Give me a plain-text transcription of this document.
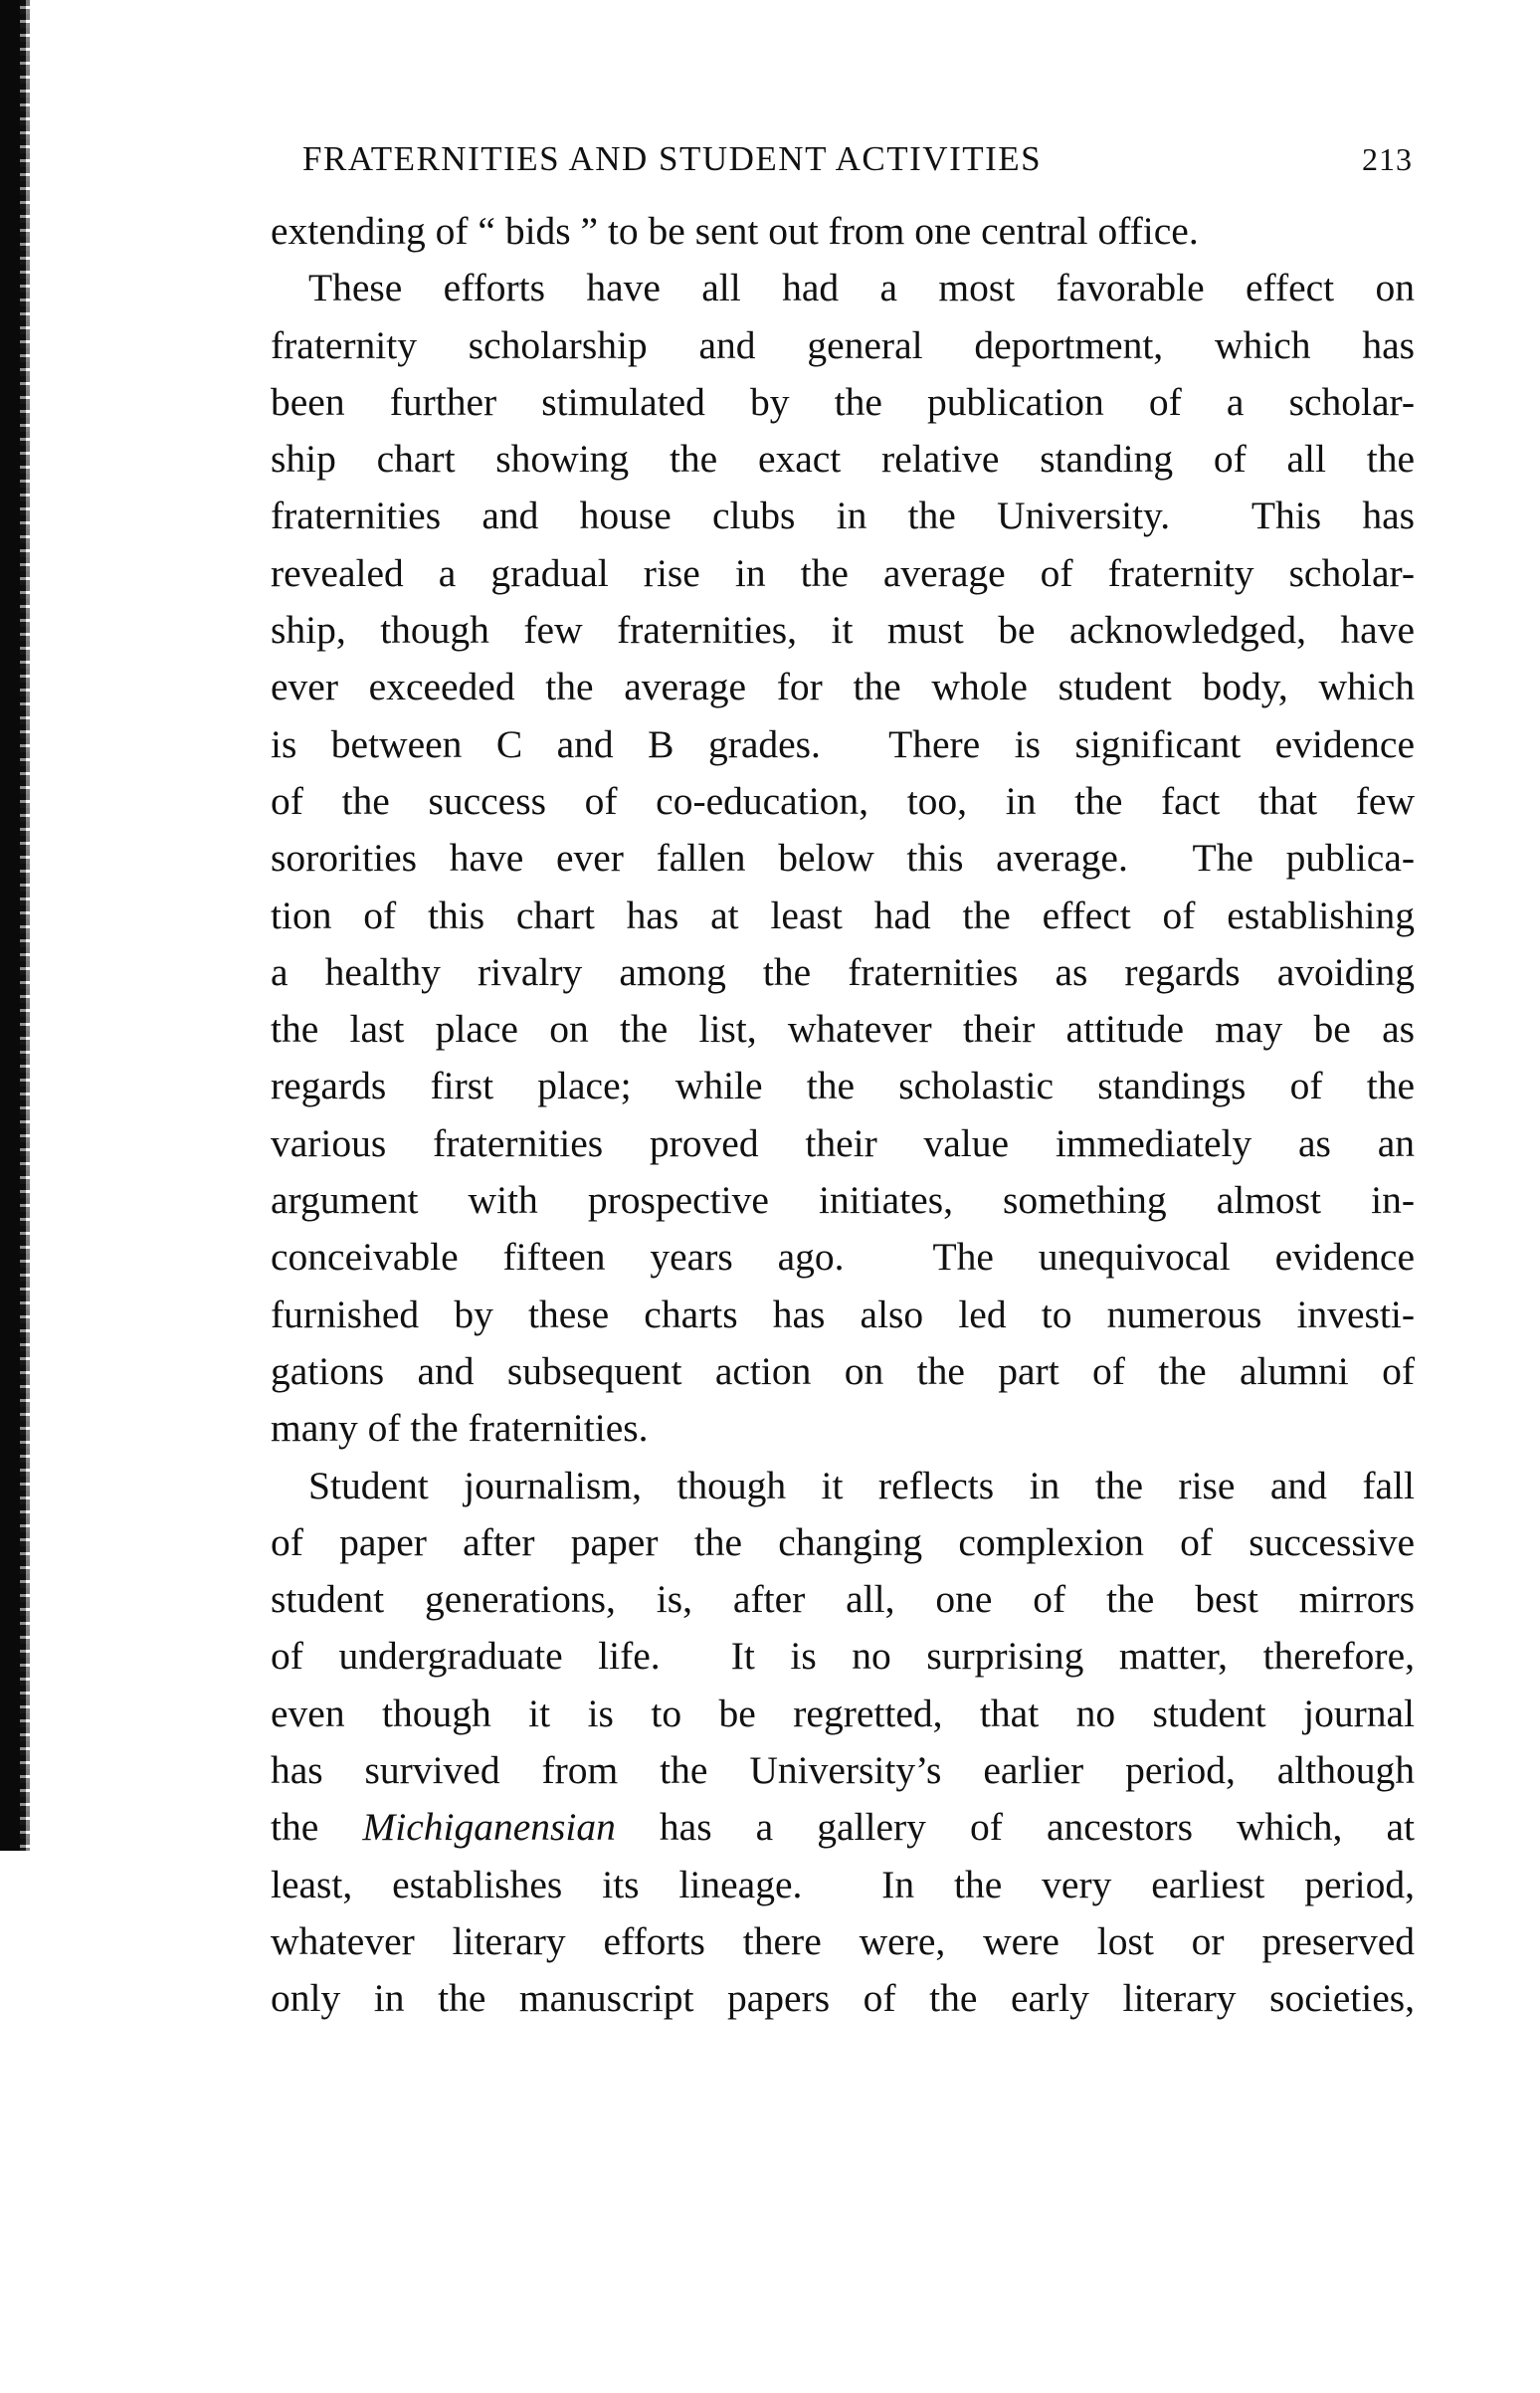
FRATERNITIES AND STUDENT ACTIVITIES	213
extending of “ bids ” to be sent out from one central office.
These efforts have all had a most favorable effect on
fraternity scholarship and general deportment, which has
been further stimulated by the publication of a scholar-
ship chart showing the exact relative standing of all the
fraternities and house clubs in the University.  This has
revealed a gradual rise in the average of fraternity scholar-
ship, though few fraternities, it must be acknowledged, have
ever exceeded the average for the whole student body, which
is between C and B grades.  There is significant evidence
of the success of co-education, too, in the fact that few
sororities have ever fallen below this average.  The publica-
tion of this chart has at least had the effect of establishing
a healthy rivalry among the fraternities as regards avoiding
the last place on the list, whatever their attitude may be as
regards first place; while the scholastic standings of the
various fraternities proved their value immediately as an
argument with prospective initiates, something almost in-
conceivable fifteen years ago.  The unequivocal evidence
furnished by these charts has also led to numerous investi-
gations and subsequent action on the part of the alumni of
many of the fraternities.
Student journalism, though it reflects in the rise and fall
of paper after paper the changing complexion of successive
student generations, is, after all, one of the best mirrors
of undergraduate life.  It is no surprising matter, therefore,
even though it is to be regretted, that no student journal
has survived from the University’s earlier period, although
the Michiganensian has a gallery of ancestors which, at
least, establishes its lineage.  In the very earliest period,
whatever literary efforts there were, were lost or preserved
only in the manuscript papers of the early literary societies,
